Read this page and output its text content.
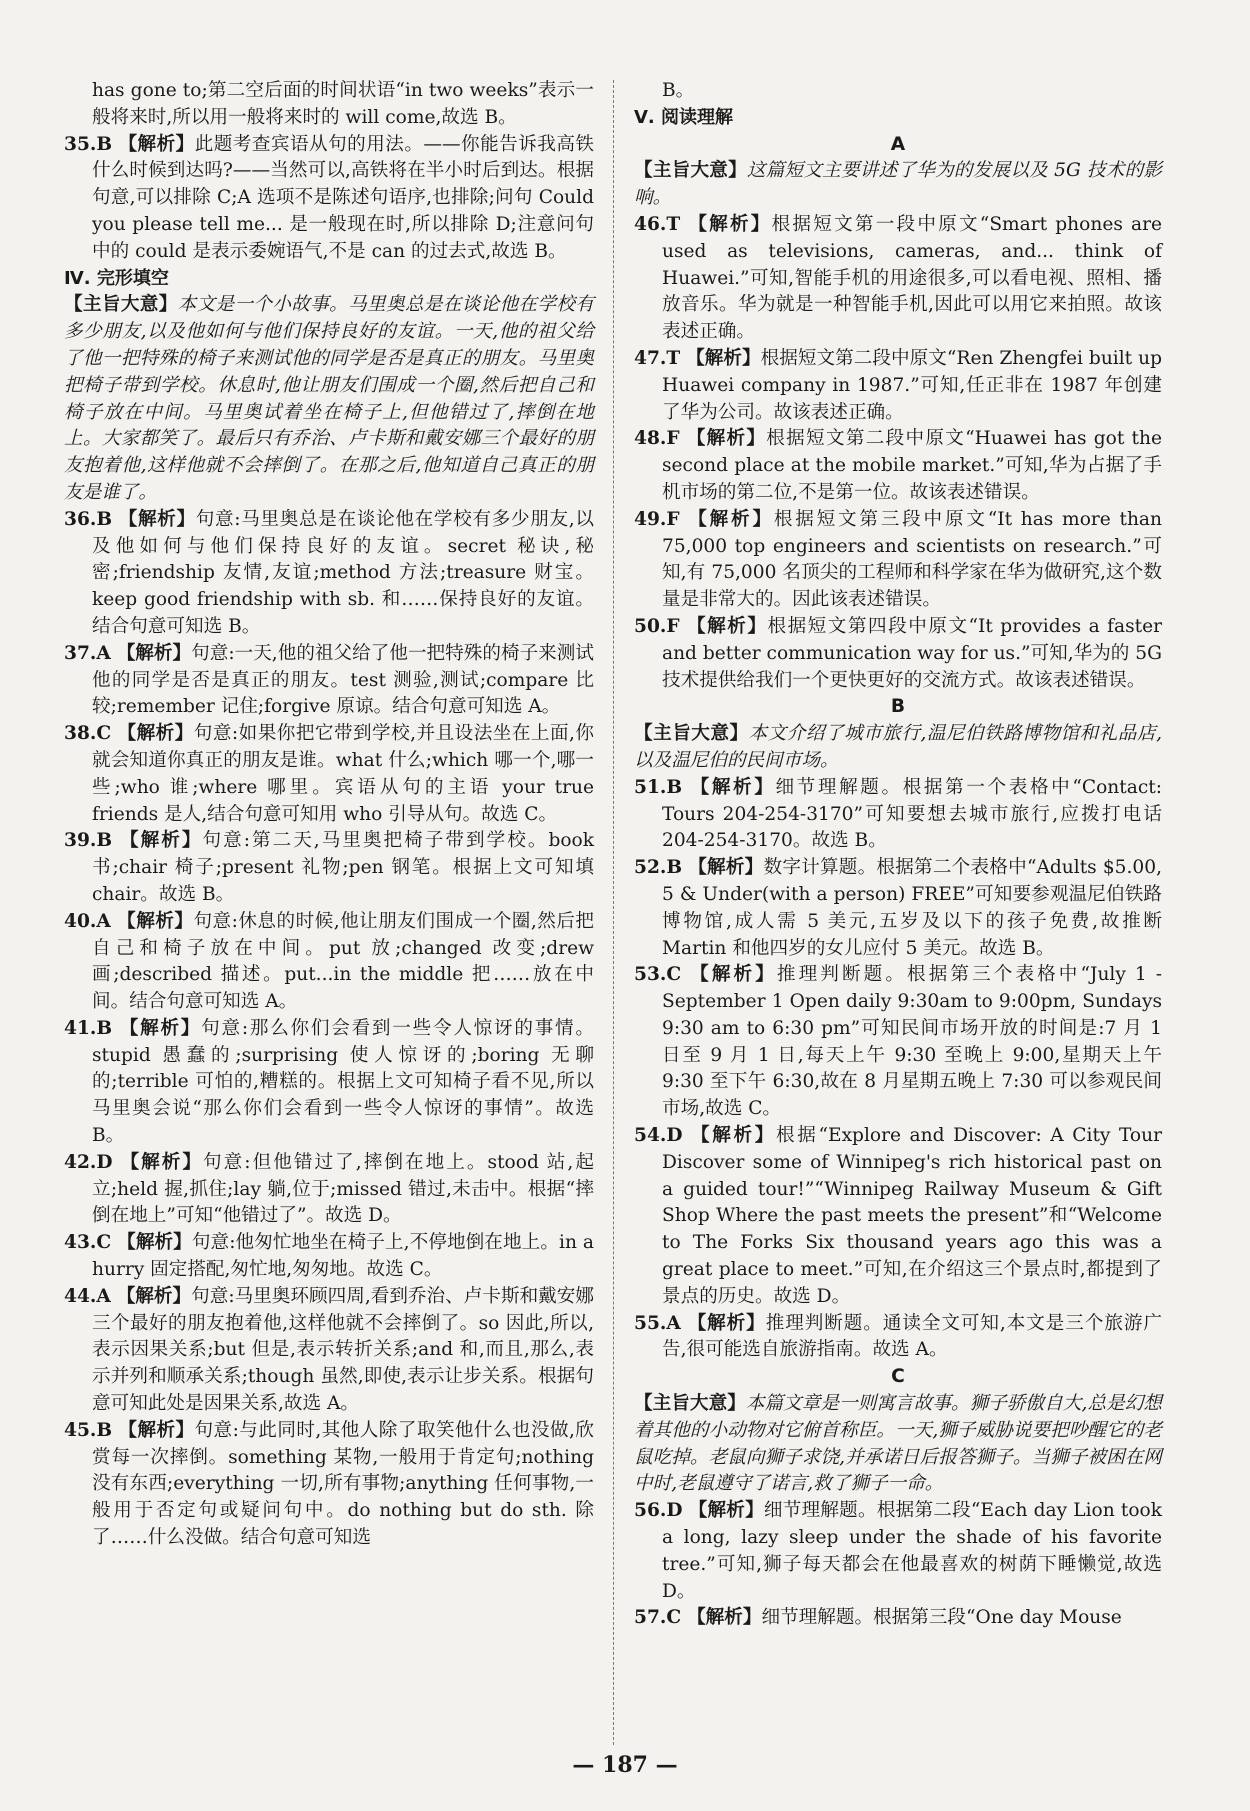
has gone to;第二空后面的时间状语“in two weeks”表示一般将来时,所以用一般将来时的 will come,故选 B。

35.B 【解析】此题考查宾语从句的用法。——你能告诉我高铁什么时候到达吗?——当然可以,高铁将在半小时后到达。根据句意,可以排除 C;A 选项不是陈述句语序,也排除;问句 Could you please tell me... 是一般现在时,所以排除 D;注意问句中的 could 是表示委婉语气,不是 can 的过去式,故选 B。

Ⅳ. 完形填空

【主旨大意】本文是一个小故事。马里奥总是在谈论他在学校有多少朋友,以及他如何与他们保持良好的友谊。一天,他的祖父给了他一把特殊的椅子来测试他的同学是否是真正的朋友。马里奥把椅子带到学校。休息时,他让朋友们围成一个圈,然后把自己和椅子放在中间。马里奥试着坐在椅子上,但他错过了,摔倒在地上。大家都笑了。最后只有乔治、卢卡斯和戴安娜三个最好的朋友抱着他,这样他就不会摔倒了。在那之后,他知道自己真正的朋友是谁了。

36.B 【解析】句意:马里奥总是在谈论他在学校有多少朋友,以及他如何与他们保持良好的友谊。secret 秘诀,秘密;friendship 友情,友谊;method 方法;treasure 财宝。keep good friendship with sb. 和……保持良好的友谊。结合句意可知选 B。

37.A 【解析】句意:一天,他的祖父给了他一把特殊的椅子来测试他的同学是否是真正的朋友。test 测验,测试;compare 比较;remember 记住;forgive 原谅。结合句意可知选 A。

38.C 【解析】句意:如果你把它带到学校,并且设法坐在上面,你就会知道你真正的朋友是谁。what 什么;which 哪一个,哪一些;who 谁;where 哪里。宾语从句的主语 your true friends 是人,结合句意可知用 who 引导从句。故选 C。

39.B 【解析】句意:第二天,马里奥把椅子带到学校。book 书;chair 椅子;present 礼物;pen 钢笔。根据上文可知填 chair。故选 B。

40.A 【解析】句意:休息的时候,他让朋友们围成一个圈,然后把自己和椅子放在中间。put 放;changed 改变;drew 画;described 描述。put...in the middle 把……放在中间。结合句意可知选 A。

41.B 【解析】句意:那么你们会看到一些令人惊讶的事情。stupid 愚蠢的;surprising 使人惊讶的;boring 无聊的;terrible 可怕的,糟糕的。根据上文可知椅子看不见,所以马里奥会说“那么你们会看到一些令人惊讶的事情”。故选 B。

42.D 【解析】句意:但他错过了,摔倒在地上。stood 站,起立;held 握,抓住;lay 躺,位于;missed 错过,未击中。根据“摔倒在地上”可知“他错过了”。故选 D。

43.C 【解析】句意:他匆忙地坐在椅子上,不停地倒在地上。in a hurry 固定搭配,匆忙地,匆匆地。故选 C。

44.A 【解析】句意:马里奥环顾四周,看到乔治、卢卡斯和戴安娜三个最好的朋友抱着他,这样他就不会摔倒了。so 因此,所以,表示因果关系;but 但是,表示转折关系;and 和,而且,那么,表示并列和顺承关系;though 虽然,即使,表示让步关系。根据句意可知此处是因果关系,故选 A。

45.B 【解析】句意:与此同时,其他人除了取笑他什么也没做,欣赏每一次摔倒。something 某物,一般用于肯定句;nothing 没有东西;everything 一切,所有事物;anything 任何事物,一般用于否定句或疑问句中。do nothing but do sth. 除了……什么没做。结合句意可知选

B。

Ⅴ. 阅读理解

A

【主旨大意】这篇短文主要讲述了华为的发展以及 5G 技术的影响。

46.T 【解析】根据短文第一段中原文“Smart phones are used as televisions, cameras, and... think of Huawei.”可知,智能手机的用途很多,可以看电视、照相、播放音乐。华为就是一种智能手机,因此可以用它来拍照。故该表述正确。

47.T 【解析】根据短文第二段中原文“Ren Zhengfei built up Huawei company in 1987.”可知,任正非在 1987 年创建了华为公司。故该表述正确。

48.F 【解析】根据短文第二段中原文“Huawei has got the second place at the mobile market.”可知,华为占据了手机市场的第二位,不是第一位。故该表述错误。

49.F 【解析】根据短文第三段中原文“It has more than 75,000 top engineers and scientists on research.”可知,有 75,000 名顶尖的工程师和科学家在华为做研究,这个数量是非常大的。因此该表述错误。

50.F 【解析】根据短文第四段中原文“It provides a faster and better communication way for us.”可知,华为的 5G 技术提供给我们一个更快更好的交流方式。故该表述错误。

B

【主旨大意】本文介绍了城市旅行,温尼伯铁路博物馆和礼品店,以及温尼伯的民间市场。

51.B 【解析】细节理解题。根据第一个表格中“Contact: Tours 204-254-3170”可知要想去城市旅行,应拨打电话 204-254-3170。故选 B。

52.B 【解析】数字计算题。根据第二个表格中“Adults $5.00, 5 & Under(with a person) FREE”可知要参观温尼伯铁路博物馆,成人需 5 美元,五岁及以下的孩子免费,故推断 Martin 和他四岁的女儿应付 5 美元。故选 B。

53.C 【解析】推理判断题。根据第三个表格中“July 1 - September 1 Open daily 9:30am to 9:00pm, Sundays 9:30 am to 6:30 pm”可知民间市场开放的时间是:7 月 1 日至 9 月 1 日,每天上午 9:30 至晚上 9:00,星期天上午 9:30 至下午 6:30,故在 8 月星期五晚上 7:30 可以参观民间市场,故选 C。

54.D 【解析】根据“Explore and Discover: A City Tour Discover some of Winnipeg's rich historical past on a guided tour!”“Winnipeg Railway Museum & Gift Shop Where the past meets the present”和“Welcome to The Forks Six thousand years ago this was a great place to meet.”可知,在介绍这三个景点时,都提到了景点的历史。故选 D。

55.A 【解析】推理判断题。通读全文可知,本文是三个旅游广告,很可能选自旅游指南。故选 A。

C

【主旨大意】本篇文章是一则寓言故事。狮子骄傲自大,总是幻想着其他的小动物对它俯首称臣。一天,狮子威胁说要把吵醒它的老鼠吃掉。老鼠向狮子求饶,并承诺日后报答狮子。当狮子被困在网中时,老鼠遵守了诺言,救了狮子一命。

56.D 【解析】细节理解题。根据第二段“Each day Lion took a long, lazy sleep under the shade of his favorite tree.”可知,狮子每天都会在他最喜欢的树荫下睡懒觉,故选 D。

57.C 【解析】细节理解题。根据第三段“One day Mouse

— 187 —
